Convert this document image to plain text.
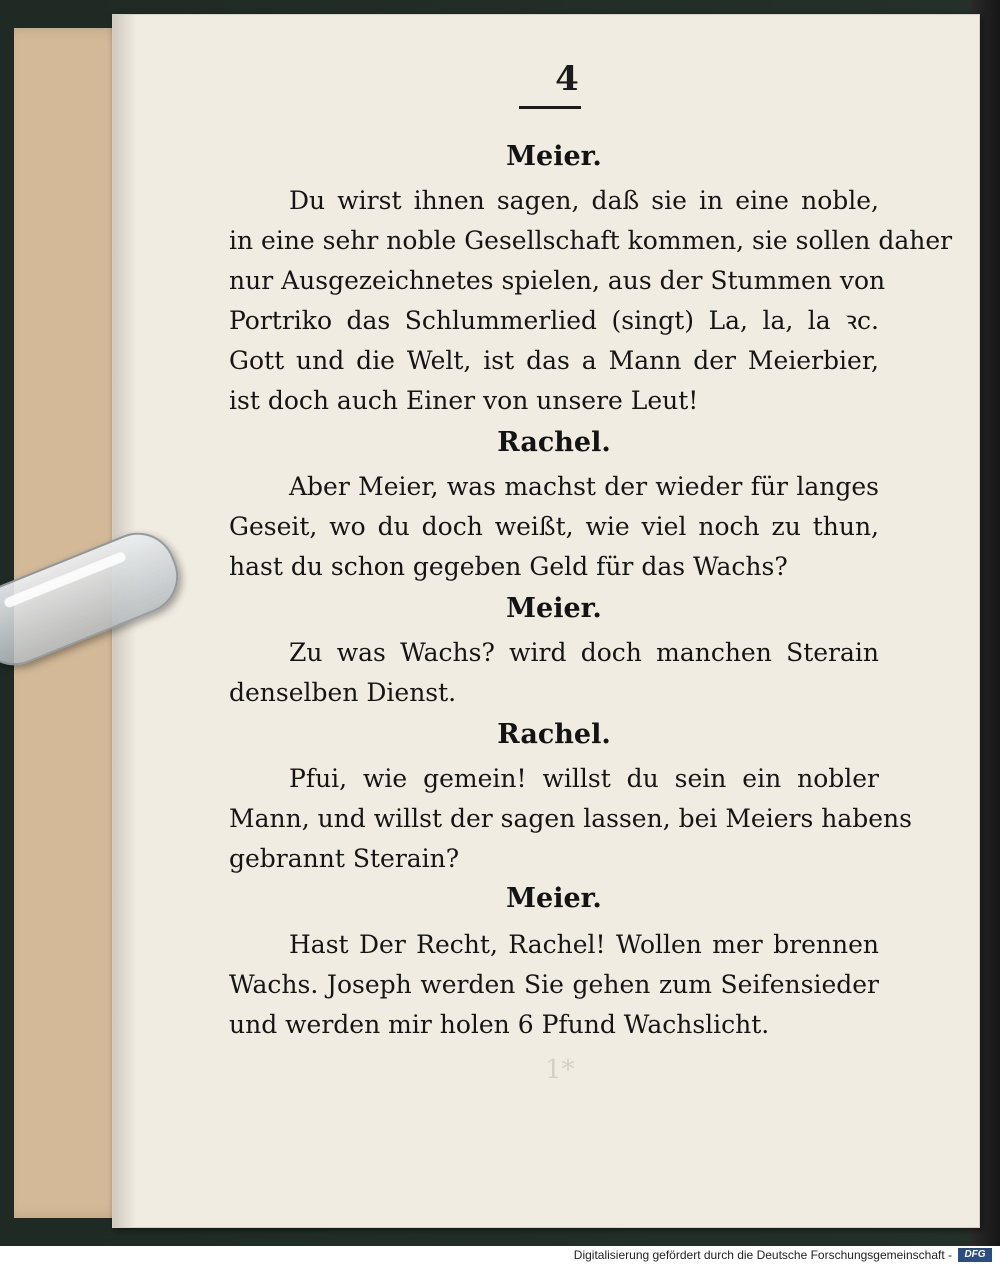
4
1*
Meier.
Du wirst ihnen sagen, daß sie in eine noble,
in eine sehr noble Gesellschaft kommen, sie sollen daher
nur Ausgezeichnetes spielen, aus der Stummen von
Portriko das Schlummerlied (singt) La, la, la ꝛc.
Gott und die Welt, ist das a Mann der Meierbier,
ist doch auch Einer von unsere Leut!
Rachel.
Aber Meier, was machst der wieder für langes
Geseit, wo du doch weißt, wie viel noch zu thun,
hast du schon gegeben Geld für das Wachs?
Meier.
Zu was Wachs? wird doch manchen Sterain
denselben Dienst.
Rachel.
Pfui, wie gemein! willst du sein ein nobler
Mann, und willst der sagen lassen, bei Meiers habens
gebrannt Sterain?
Meier.
Hast Der Recht, Rachel! Wollen mer brennen
Wachs. Joseph werden Sie gehen zum Seifensieder
und werden mir holen 6 Pfund Wachslicht.
Digitalisierung gefördert durch die Deutsche Forschungsgemeinschaft -	DFG
